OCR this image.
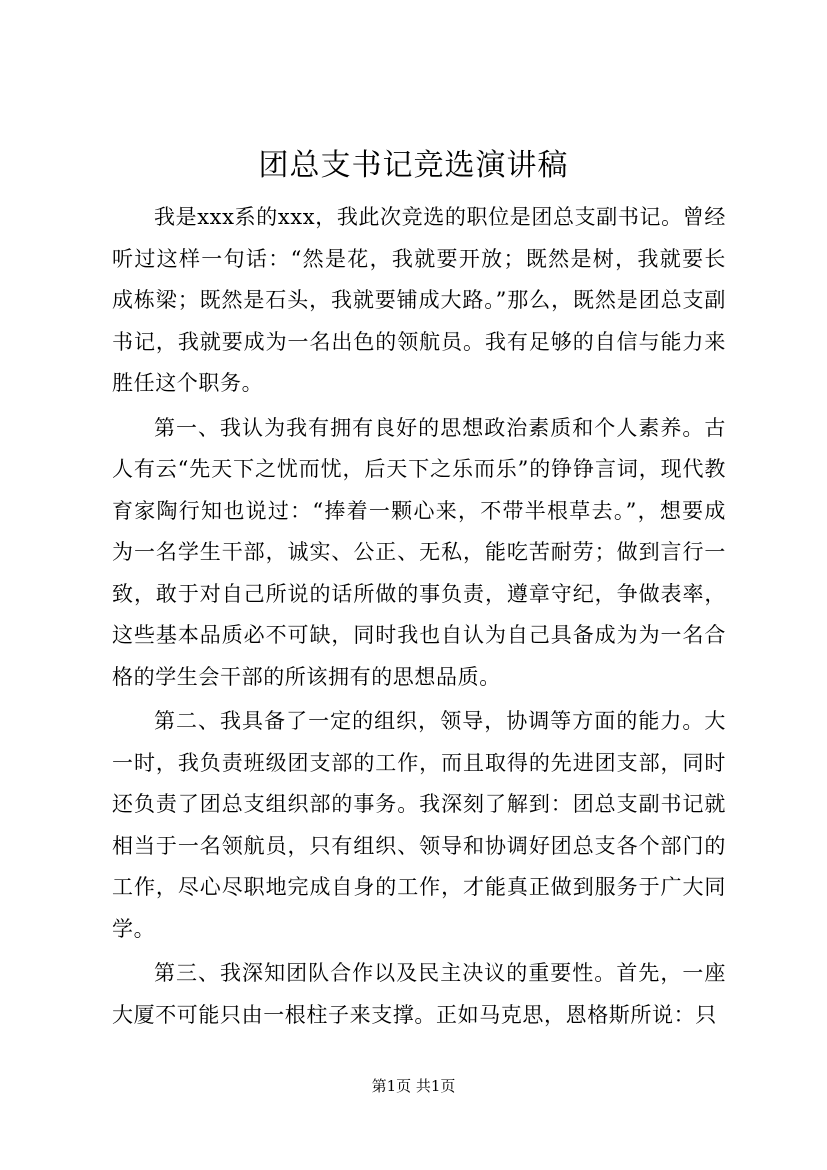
团总支书记竞选演讲稿

我是xxx系的xxx，我此次竞选的职位是团总支副书记。曾经听过这样一句话：“然是花，我就要开放；既然是树，我就要长成栋梁；既然是石头，我就要铺成大路。”那么，既然是团总支副书记，我就要成为一名出色的领航员。我有足够的自信与能力来胜任这个职务。

第一、我认为我有拥有良好的思想政治素质和个人素养。古人有云“先天下之忧而忧，后天下之乐而乐”的铮铮言词，现代教育家陶行知也说过：“捧着一颗心来，不带半根草去。”，想要成为一名学生干部，诚实、公正、无私，能吃苦耐劳；做到言行一致，敢于对自己所说的话所做的事负责，遵章守纪，争做表率，这些基本品质必不可缺，同时我也自认为自己具备成为为一名合格的学生会干部的所该拥有的思想品质。

第二、我具备了一定的组织，领导，协调等方面的能力。大一时，我负责班级团支部的工作，而且取得的先进团支部，同时还负责了团总支组织部的事务。我深刻了解到：团总支副书记就相当于一名领航员，只有组织、领导和协调好团总支各个部门的工作，尽心尽职地完成自身的工作，才能真正做到服务于广大同学。

第三、我深知团队合作以及民主决议的重要性。首先，一座大厦不可能只由一根柱子来支撑。正如马克思，恩格斯所说：只

第1页 共1页
